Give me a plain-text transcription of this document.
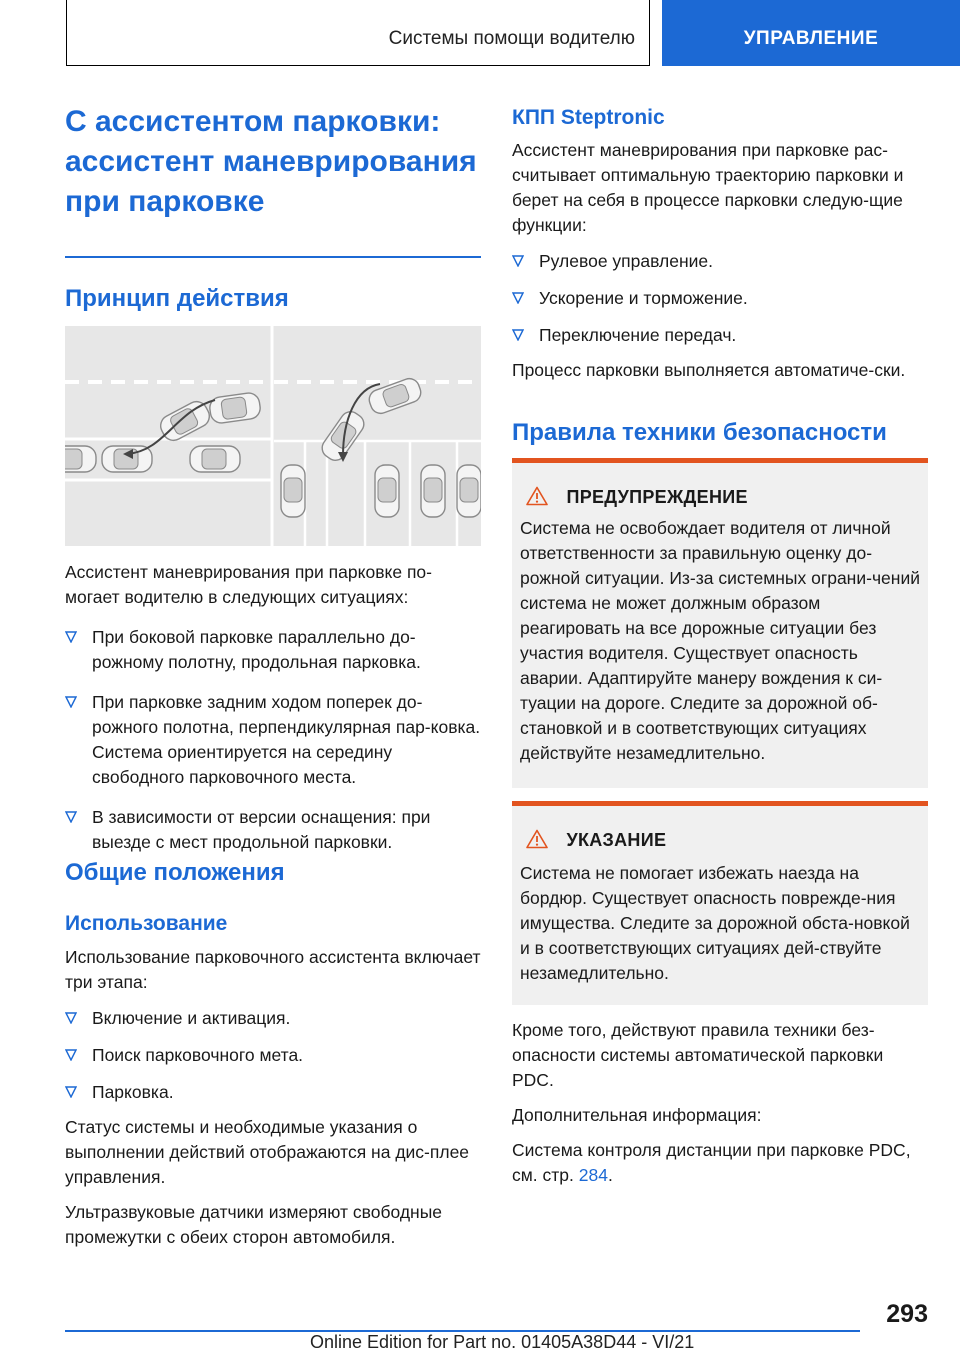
Системы помощи водителю	УПРАВЛЕНИЕ
С ассистентом парковки: ассистент маневрирования при парковке
Принцип действия

Ассистент маневрирования при парковке по-могает водителю в следующих ситуациях:

При боковой парковке параллельно до-рожному полотну, продольная парковка.
При парковке задним ходом поперек до-рожного полотна, перпендикулярная пар-ковка. Система ориентируется на середину свободного парковочного места.
В зависимости от версии оснащения: при выезде с мест продольной парковки.
Общие положения
Использование

Использование парковочного ассистента включает три этапа:

Включение и активация.
Поиск парковочного мета.
Парковка.

Статус системы и необходимые указания о выполнении действий отображаются на дис-плее управления.

Ультразвуковые датчики измеряют свободные промежутки с обеих сторон автомобиля.

КПП Steptronic

Ассистент маневрирования при парковке рас-считывает оптимальную траекторию парковки и берет на себя в процессе парковки следую-щие функции:

Рулевое управление.
Ускорение и торможение.
Переключение передач.

Процесс парковки выполняется автоматиче-ски.

Правила техники безопасности
ПРЕДУПРЕЖДЕНИЕ

Система не освобождает водителя от личной ответственности за правильную оценку до-рожной ситуации. Из-за системных ограни-чений система не может должным образом реагировать на все дорожные ситуации без участия водителя. Существует опасность аварии. Адаптируйте манеру вождения к си-туации на дороге. Следите за дорожной об-становкой и в соответствующих ситуациях действуйте незамедлительно.

УКАЗАНИЕ

Система не помогает избежать наезда на бордюр. Существует опасность поврежде-ния имущества. Следите за дорожной обста-новкой и в соответствующих ситуациях дей-ствуйте незамедлительно.

Кроме того, действуют правила техники без-опасности системы автоматической парковки PDC.

Дополнительная информация:

Система контроля дистанции при парковке PDC, см. стр. 284.

293
Online Edition for Part no. 01405A38D44 - VI/21
